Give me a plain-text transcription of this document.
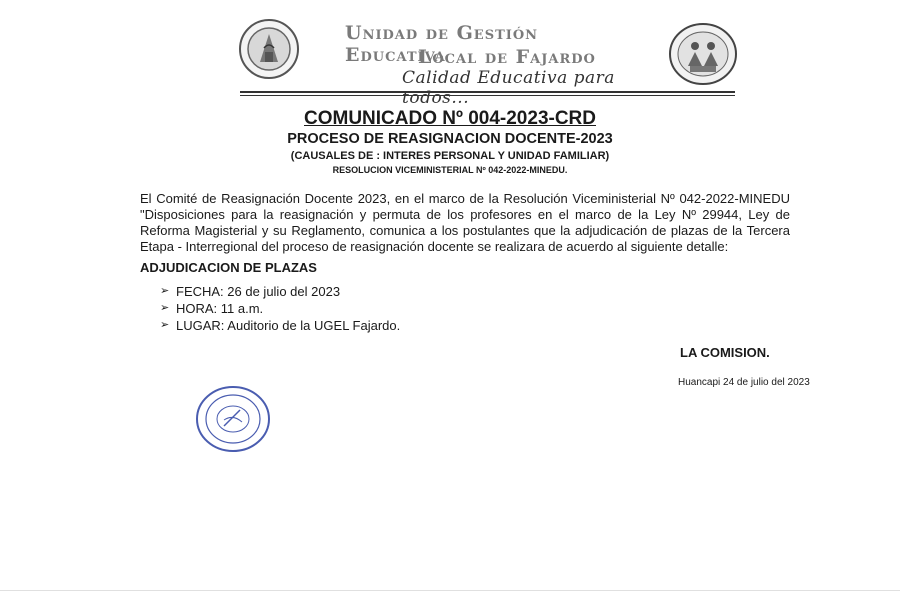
Unidad de Gestión Educativa
Local de Fajardo
Calidad Educativa para todos...
COMUNICADO Nº 004-2023-CRD
PROCESO DE REASIGNACION DOCENTE-2023
(CAUSALES DE : INTERES PERSONAL Y UNIDAD FAMILIAR)
RESOLUCION VICEMINISTERIAL Nº 042-2022-MINEDU.
El Comité de Reasignación Docente 2023, en el marco de la Resolución Viceministerial Nº 042-2022-MINEDU "Disposiciones para la reasignación y permuta de los profesores en el marco de la Ley Nº 29944, Ley de Reforma Magisterial y su Reglamento, comunica a los postulantes que la adjudicación de plazas de la Tercera Etapa - Interregional del proceso de reasignación docente se realizara de acuerdo al siguiente detalle:
ADJUDICACION DE PLAZAS
➢ FECHA: 26 de julio del 2023
➢ HORA: 11 a.m.
➢ LUGAR: Auditorio de la UGEL Fajardo.
LA COMISION.
Huancapi 24 de julio del 2023
